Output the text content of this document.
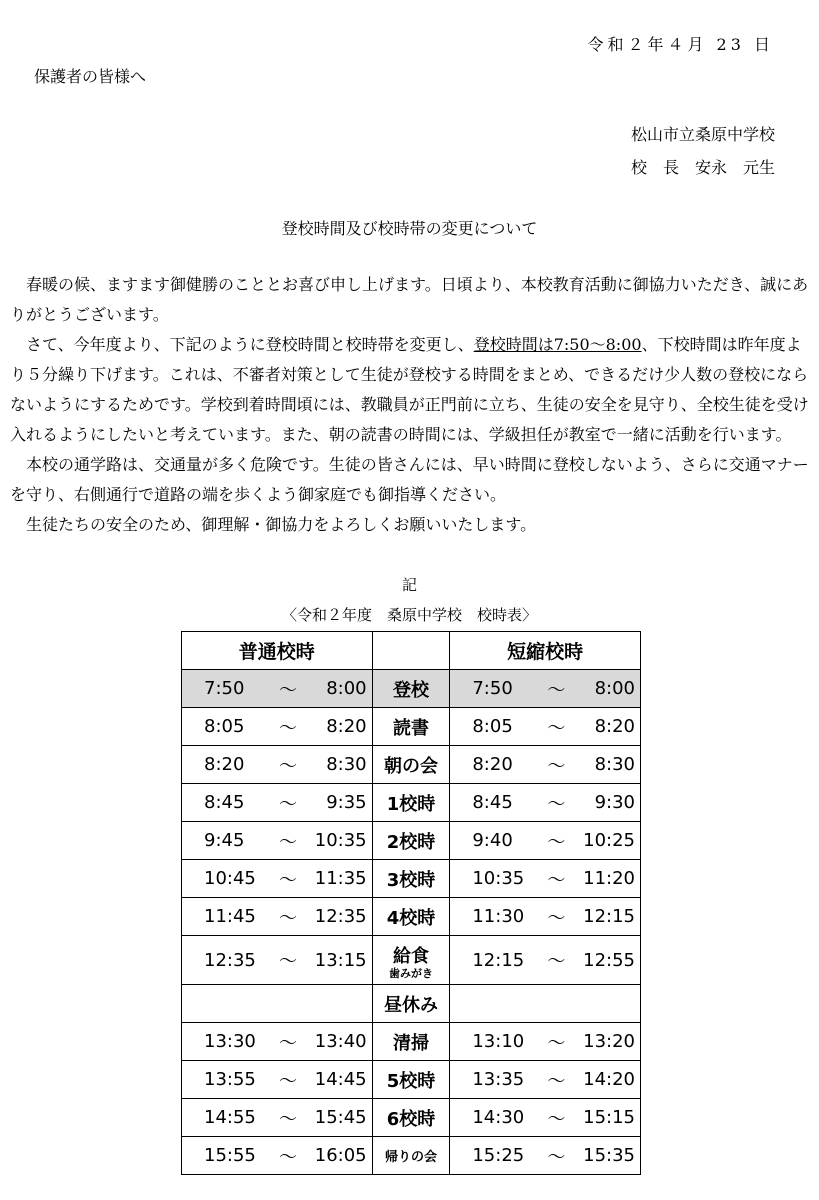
令和２年４月 23 日
保護者の皆様へ
松山市立桑原中学校
校　長　安永　元生
登校時間及び校時帯の変更について

春暖の候、ますます御健勝のこととお喜び申し上げます。日頃より、本校教育活動に御協力いただき、誠にありがとうございます。

さて、今年度より、下記のように登校時間と校時帯を変更し、登校時間は7:50～8:00、下校時間は昨年度より５分繰り下げます。これは、不審者対策として生徒が登校する時間をまとめ、できるだけ少人数の登校にならないようにするためです。学校到着時間頃には、教職員が正門前に立ち、生徒の安全を見守り、全校生徒を受け入れるようにしたいと考えています。また、朝の読書の時間には、学級担任が教室で一緒に活動を行います。

本校の通学路は、交通量が多く危険です。生徒の皆さんには、早い時間に登校しないよう、さらに交通マナーを守り、右側通行で道路の端を歩くよう御家庭でも御指導ください。

生徒たちの安全のため、御理解・御協力をよろしくお願いいたします。

記
〈令和２年度　桑原中学校　校時表〉
普通校時		短縮校時

7:50 ～ 8:00	登校	7:50 ～ 8:00

8:05 ～ 8:20	読書	8:05 ～ 8:20

8:20 ～ 8:30	朝の会	8:20 ～ 8:30

8:45 ～ 9:35	1校時	8:45 ～ 9:30

9:45 ～ 10:35	2校時	9:40 ～ 10:25

10:45 ～ 11:35	3校時	10:35 ～ 11:20

11:45 ～ 12:35	4校時	11:30 ～ 12:15

12:35 ～ 13:15	給食
歯みがき	12:15 ～ 12:55

	昼休み	

13:30 ～ 13:40	清掃	13:10 ～ 13:20

13:55 ～ 14:45	5校時	13:35 ～ 14:20

14:55 ～ 15:45	6校時	14:30 ～ 15:15

15:55 ～ 16:05	帰りの会	15:25 ～ 15:35
